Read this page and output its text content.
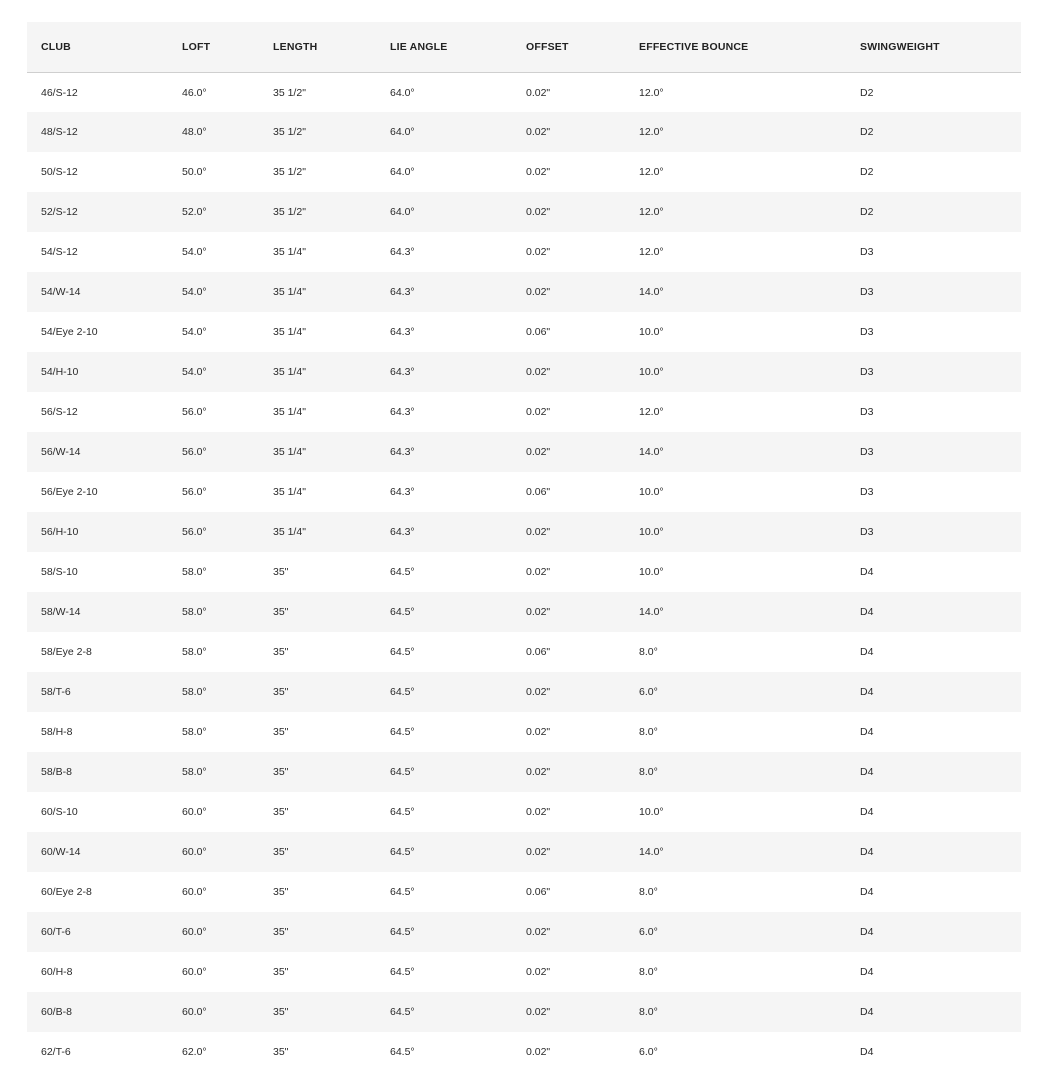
CLUB	LOFT	LENGTH	LIE ANGLE	OFFSET	EFFECTIVE BOUNCE	SWINGWEIGHT
46/S-12	46.0°	35 1/2"	64.0°	0.02"	12.0°	D2
48/S-12	48.0°	35 1/2"	64.0°	0.02"	12.0°	D2
50/S-12	50.0°	35 1/2"	64.0°	0.02"	12.0°	D2
52/S-12	52.0°	35 1/2"	64.0°	0.02"	12.0°	D2
54/S-12	54.0°	35 1/4"	64.3°	0.02"	12.0°	D3
54/W-14	54.0°	35 1/4"	64.3°	0.02"	14.0°	D3
54/Eye 2-10	54.0°	35 1/4"	64.3°	0.06"	10.0°	D3
54/H-10	54.0°	35 1/4"	64.3°	0.02"	10.0°	D3
56/S-12	56.0°	35 1/4"	64.3°	0.02"	12.0°	D3
56/W-14	56.0°	35 1/4"	64.3°	0.02"	14.0°	D3
56/Eye 2-10	56.0°	35 1/4"	64.3°	0.06"	10.0°	D3
56/H-10	56.0°	35 1/4"	64.3°	0.02"	10.0°	D3
58/S-10	58.0°	35"	64.5°	0.02"	10.0°	D4
58/W-14	58.0°	35"	64.5°	0.02"	14.0°	D4
58/Eye 2-8	58.0°	35"	64.5°	0.06"	8.0°	D4
58/T-6	58.0°	35"	64.5°	0.02"	6.0°	D4
58/H-8	58.0°	35"	64.5°	0.02"	8.0°	D4
58/B-8	58.0°	35"	64.5°	0.02"	8.0°	D4
60/S-10	60.0°	35"	64.5°	0.02"	10.0°	D4
60/W-14	60.0°	35"	64.5°	0.02"	14.0°	D4
60/Eye 2-8	60.0°	35"	64.5°	0.06"	8.0°	D4
60/T-6	60.0°	35"	64.5°	0.02"	6.0°	D4
60/H-8	60.0°	35"	64.5°	0.02"	8.0°	D4
60/B-8	60.0°	35"	64.5°	0.02"	8.0°	D4
62/T-6	62.0°	35"	64.5°	0.02"	6.0°	D4
